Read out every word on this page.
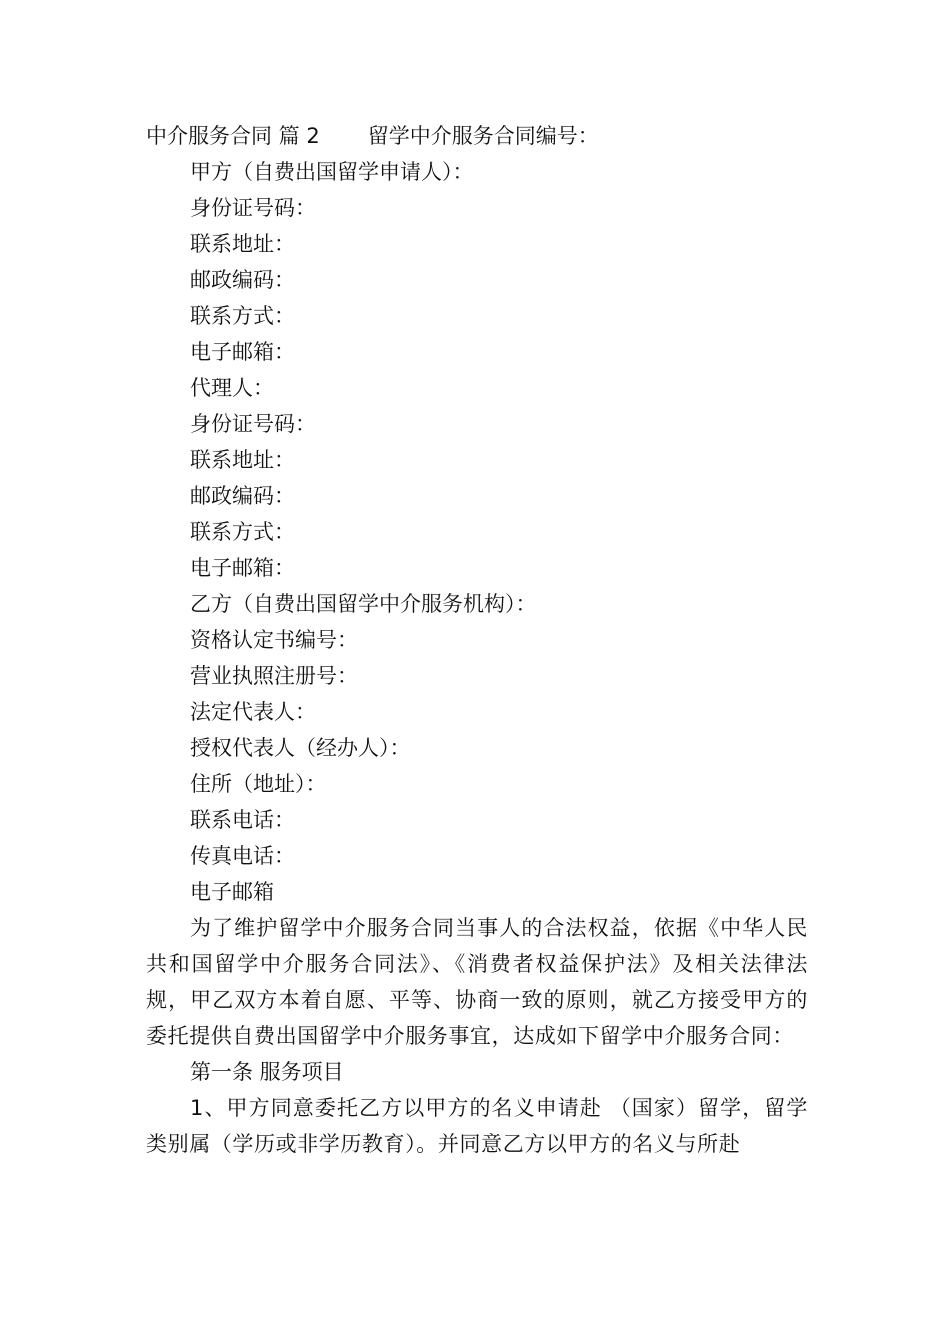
中介服务合同 篇 2 留学中介服务合同编号：
甲方（自费出国留学申请人）：
身份证号码：
联系地址：
邮政编码：
联系方式：
电子邮箱：
代理人：
身份证号码：
联系地址：
邮政编码：
联系方式：
电子邮箱：
乙方（自费出国留学中介服务机构）：
资格认定书编号：
营业执照注册号：
法定代表人：
授权代表人（经办人）：
住所（地址）：
联系电话：
传真电话：
电子邮箱

为了维护留学中介服务合同当事人的合法权益，依据《中华人民共和国留学中介服务合同法》、《消费者权益保护法》及相关法律法规，甲乙双方本着自愿、平等、协商一致的原则，就乙方接受甲方的委托提供自费出国留学中介服务事宜，达成如下留学中介服务合同：

第一条 服务项目

1、甲方同意委托乙方以甲方的名义申请赴 （国家）留学，留学类别属（学历或非学历教育）。并同意乙方以甲方的名义与所赴
